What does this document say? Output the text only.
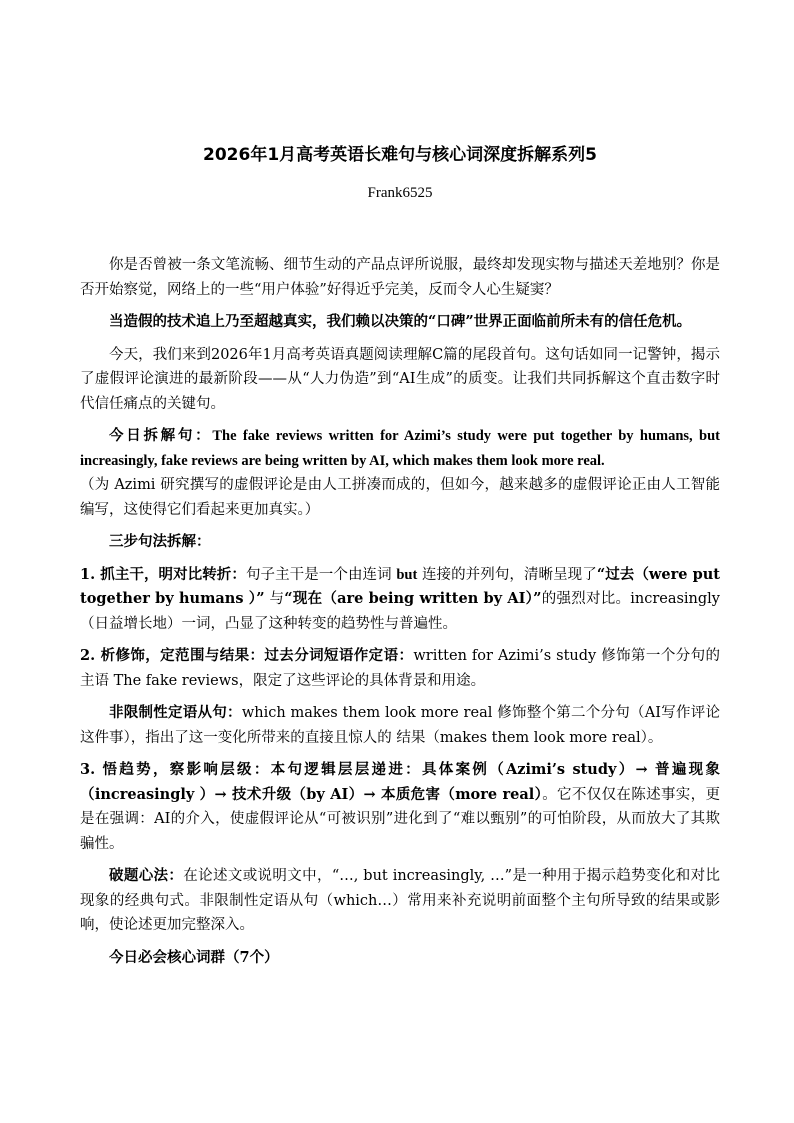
2026年1月高考英语长难句与核心词深度拆解系列5
Frank6525

你是否曾被一条文笔流畅、细节生动的产品点评所说服，最终却发现实物与描述天差地别？你是否开始察觉，网络上的一些“用户体验”好得近乎完美，反而令人心生疑窦？

当造假的技术追上乃至超越真实，我们赖以决策的“口碑”世界正面临前所未有的信任危机。

今天，我们来到2026年1月高考英语真题阅读理解C篇的尾段首句。这句话如同一记警钟，揭示了虚假评论演进的最新阶段——从“人力伪造”到“AI生成”的质变。让我们共同拆解这个直击数字时代信任痛点的关键句。

今日拆解句：The fake reviews written for Azimi’s study were put together by humans, but increasingly, fake reviews are being written by AI, which makes them look more real.

（为 Azimi 研究撰写的虚假评论是由人工拼凑而成的，但如今，越来越多的虚假评论正由人工智能编写，这使得它们看起来更加真实。）

三步句法拆解：

1. 抓主干，明对比转折：句子主干是一个由连词 but 连接的并列句，清晰呈现了“过去（were put together by humans ）” 与“现在（are being written by AI）”的强烈对比。increasingly（日益增长地）一词，凸显了这种转变的趋势性与普遍性。

2. 析修饰，定范围与结果：过去分词短语作定语：written for Azimi’s study 修饰第一个分句的主语 The fake reviews，限定了这些评论的具体背景和用途。

非限制性定语从句：which makes them look more real 修饰整个第二个分句（AI写作评论这件事），指出了这一变化所带来的直接且惊人的 结果（makes them look more real）。

3. 悟趋势，察影响层级：本句逻辑层层递进：具体案例（Azimi’s study）→ 普遍现象（increasingly ）→ 技术升级（by AI）→ 本质危害（more real）。它不仅仅在陈述事实，更是在强调：AI的介入，使虚假评论从“可被识别”进化到了“难以甄别”的可怕阶段，从而放大了其欺骗性。

破题心法：在论述文或说明文中，“…, but increasingly, …”是一种用于揭示趋势变化和对比现象的经典句式。非限制性定语从句（which…）常用来补充说明前面整个主句所导致的结果或影响，使论述更加完整深入。

今日必会核心词群（7个）
